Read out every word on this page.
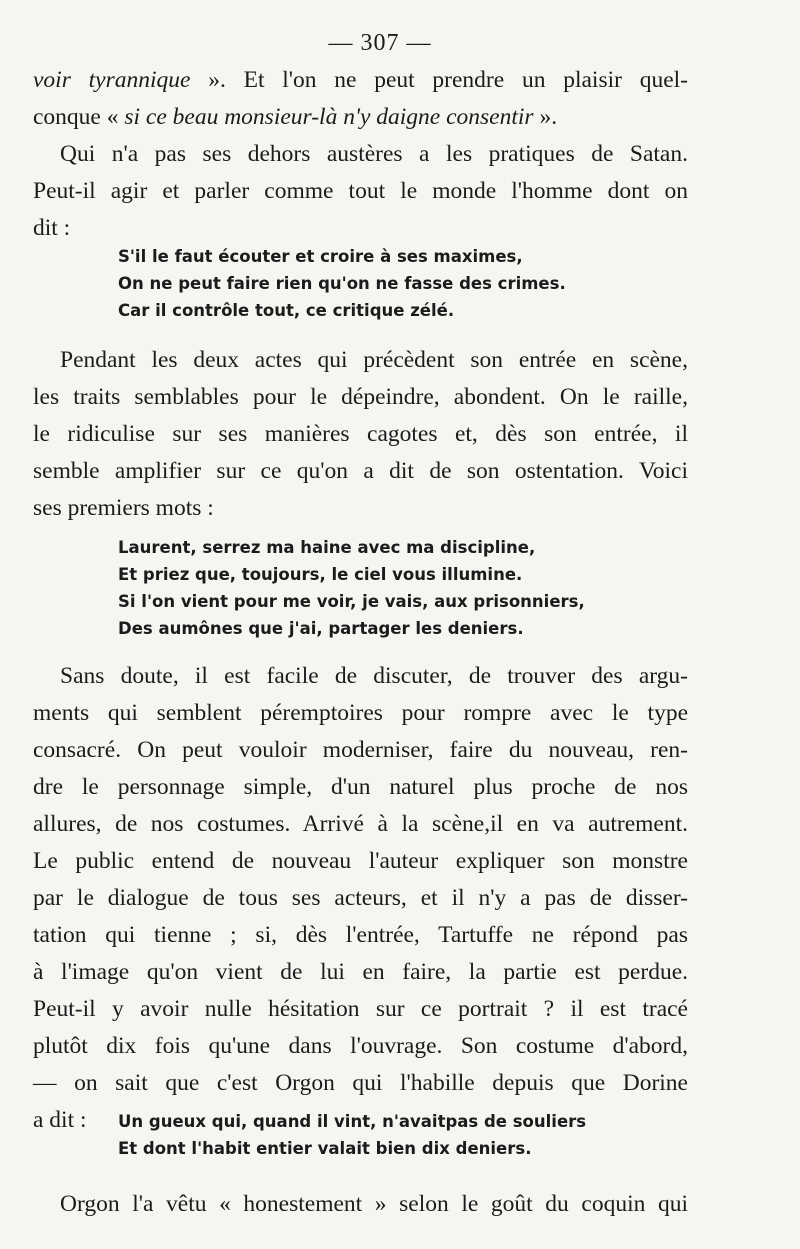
— 307 —
voir tyrannique ». Et l'on ne peut prendre un plaisir quel-
conque « si ce beau monsieur-là n'y daigne consentir ».
Qui n'a pas ses dehors austères a les pratiques de Satan.
Peut-il agir et parler comme tout le monde l'homme dont on
dit :
S'il le faut écouter et croire à ses maximes,
On ne peut faire rien qu'on ne fasse des crimes.
Car il contrôle tout, ce critique zélé.
Pendant les deux actes qui précèdent son entrée en scène,
les traits semblables pour le dépeindre, abondent. On le raille,
le ridiculise sur ses manières cagotes et, dès son entrée, il
semble amplifier sur ce qu'on a dit de son ostentation. Voici
ses premiers mots :
Laurent, serrez ma haine avec ma discipline,
Et priez que, toujours, le ciel vous illumine.
Si l'on vient pour me voir, je vais, aux prisonniers,
Des aumônes que j'ai, partager les deniers.
Sans doute, il est facile de discuter, de trouver des argu-
ments qui semblent péremptoires pour rompre avec le type
consacré. On peut vouloir moderniser, faire du nouveau, ren-
dre le personnage simple, d'un naturel plus proche de nos
allures, de nos costumes. Arrivé à la scène,il en va autrement.
Le public entend de nouveau l'auteur expliquer son monstre
par le dialogue de tous ses acteurs, et il n'y a pas de disser-
tation qui tienne ; si, dès l'entrée, Tartuffe ne répond pas
à l'image qu'on vient de lui en faire, la partie est perdue.
Peut-il y avoir nulle hésitation sur ce portrait ? il est tracé
plutôt dix fois qu'une dans l'ouvrage. Son costume d'abord,
— on sait que c'est Orgon qui l'habille depuis que Dorine
a dit :	Un gueux qui, quand il vint, n'avaitpas de souliers
Et dont l'habit entier valait bien dix deniers.
Orgon l'a vêtu « honestement » selon le goût du coquin qui
